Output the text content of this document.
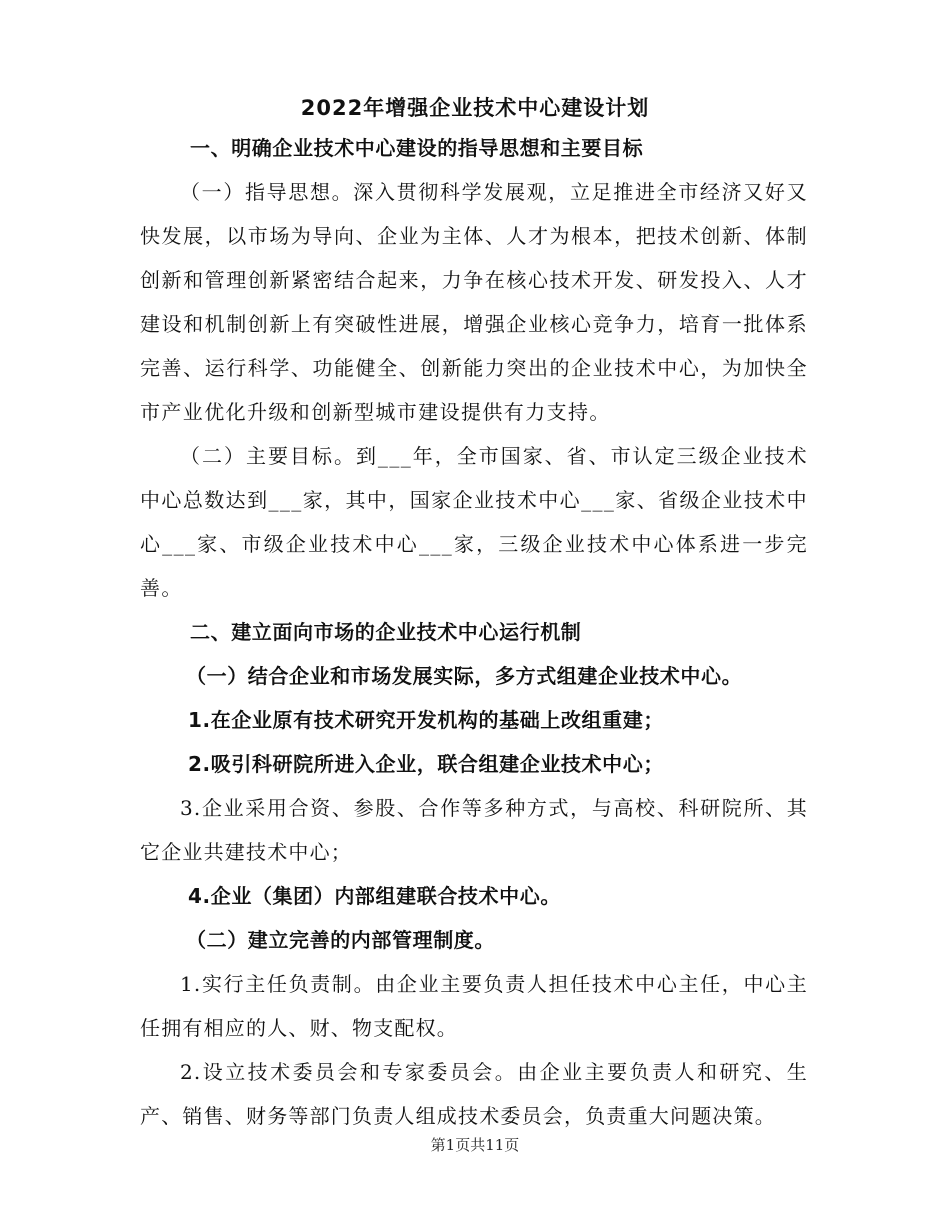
2022年增强企业技术中心建设计划
一、明确企业技术中心建设的指导思想和主要目标

（一）指导思想。深入贯彻科学发展观，立足推进全市经济又好又快发展，以市场为导向、企业为主体、人才为根本，把技术创新、体制创新和管理创新紧密结合起来，力争在核心技术开发、研发投入、人才建设和机制创新上有突破性进展，增强企业核心竞争力，培育一批体系完善、运行科学、功能健全、创新能力突出的企业技术中心，为加快全市产业优化升级和创新型城市建设提供有力支持。

（二）主要目标。到___年，全市国家、省、市认定三级企业技术中心总数达到___家，其中，国家企业技术中心___家、省级企业技术中心___家、市级企业技术中心___家，三级企业技术中心体系进一步完善。

二、建立面向市场的企业技术中心运行机制
（一）结合企业和市场发展实际，多方式组建企业技术中心。
1.在企业原有技术研究开发机构的基础上改组重建；
2.吸引科研院所进入企业，联合组建企业技术中心；

3.企业采用合资、参股、合作等多种方式，与高校、科研院所、其它企业共建技术中心；

4.企业（集团）内部组建联合技术中心。
（二）建立完善的内部管理制度。

1.实行主任负责制。由企业主要负责人担任技术中心主任，中心主任拥有相应的人、财、物支配权。

2.设立技术委员会和专家委员会。由企业主要负责人和研究、生产、销售、财务等部门负责人组成技术委员会，负责重大问题决策。

第1页共11页
